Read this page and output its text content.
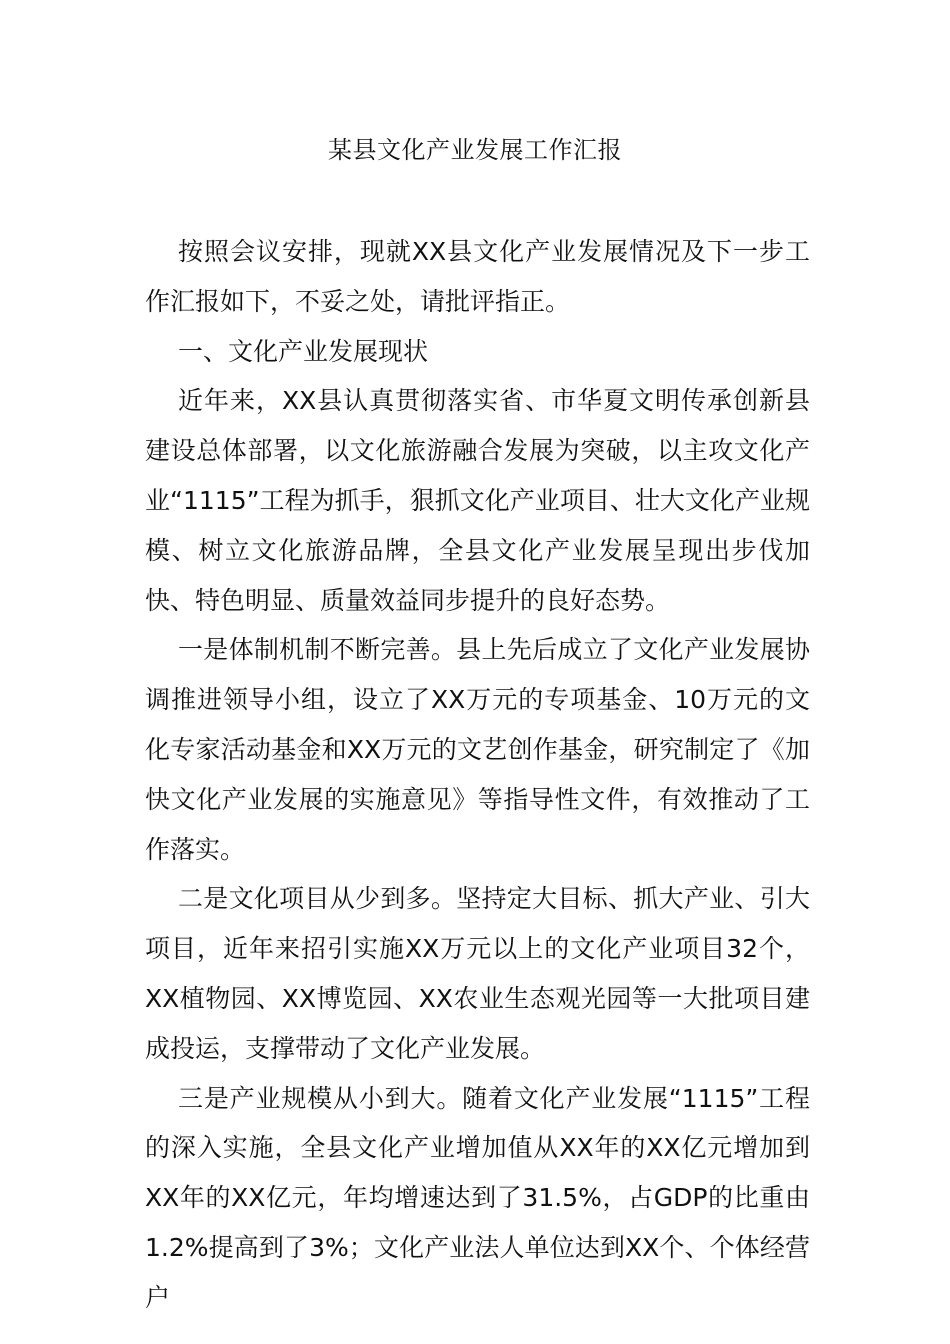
某县文化产业发展工作汇报

按照会议安排，现就XX县文化产业发展情况及下一步工作汇报如下，不妥之处，请批评指正。

一、文化产业发展现状

近年来，XX县认真贯彻落实省、市华夏文明传承创新县建设总体部署，以文化旅游融合发展为突破，以主攻文化产业“1115”工程为抓手，狠抓文化产业项目、壮大文化产业规模、树立文化旅游品牌，全县文化产业发展呈现出步伐加快、特色明显、质量效益同步提升的良好态势。

一是体制机制不断完善。县上先后成立了文化产业发展协调推进领导小组，设立了XX万元的专项基金、10万元的文化专家活动基金和XX万元的文艺创作基金，研究制定了《加快文化产业发展的实施意见》等指导性文件，有效推动了工作落实。

二是文化项目从少到多。坚持定大目标、抓大产业、引大项目，近年来招引实施XX万元以上的文化产业项目32个，XX植物园、XX博览园、XX农业生态观光园等一大批项目建成投运，支撑带动了文化产业发展。

三是产业规模从小到大。随着文化产业发展“1115”工程的深入实施，全县文化产业增加值从XX年的XX亿元增加到XX年的XX亿元，年均增速达到了31.5%，占GDP的比重由1.2%提高到了3%；文化产业法人单位达到XX个、个体经营户
